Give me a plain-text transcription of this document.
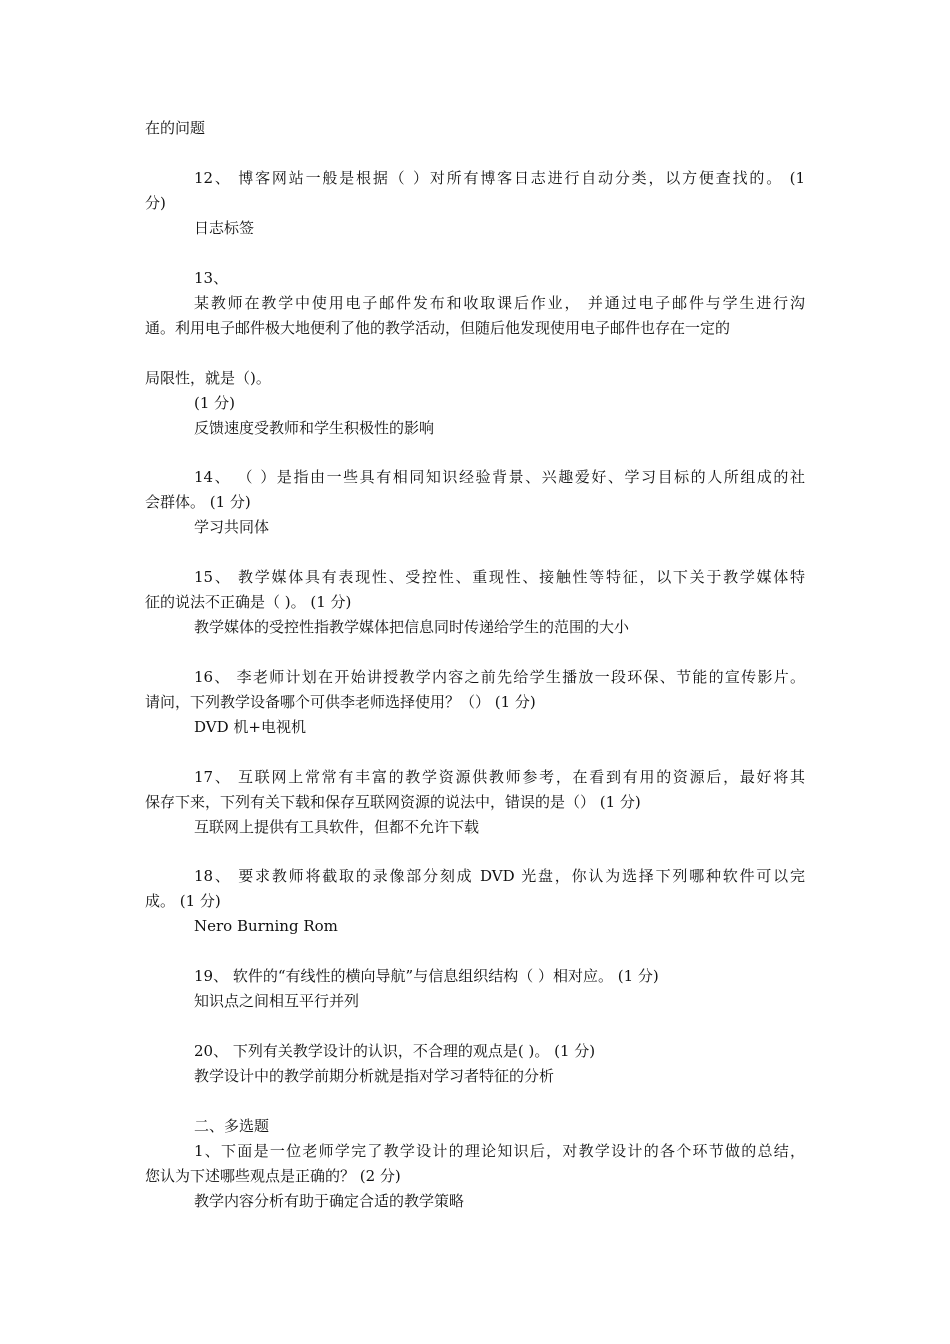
在的问题
12、 博客网站一般是根据（ ）对所有博客日志进行自动分类，以方便查找的。 (1
分)
日志标签
13、
某教师在教学中使用电子邮件发布和收取课后作业， 并通过电子邮件与学生进行沟
通。利用电子邮件极大地便利了他的教学活动，但随后他发现使用电子邮件也存在一定的
局限性，就是（)。
(1 分)
反馈速度受教师和学生积极性的影响
14、 （ ）是指由一些具有相同知识经验背景、兴趣爱好、学习目标的人所组成的社
会群体。 (1 分)
学习共同体
15、 教学媒体具有表现性、受控性、重现性、接触性等特征，以下关于教学媒体特
征的说法不正确是（ )。 (1 分)
教学媒体的受控性指教学媒体把信息同时传递给学生的范围的大小
16、 李老师计划在开始讲授教学内容之前先给学生播放一段环保、节能的宣传影片。
请问，下列教学设备哪个可供李老师选择使用？（） (1 分)
DVD 机+电视机
17、 互联网上常常有丰富的教学资源供教师参考，在看到有用的资源后，最好将其
保存下来，下列有关下载和保存互联网资源的说法中，错误的是（） (1 分)
互联网上提供有工具软件，但都不允许下载
18、 要求教师将截取的录像部分刻成 DVD 光盘，你认为选择下列哪种软件可以完
成。 (1 分)
Nero Burning Rom
19、 软件的“有线性的横向导航”与信息组织结构（ ）相对应。 (1 分)
知识点之间相互平行并列
20、 下列有关教学设计的认识，不合理的观点是( )。 (1 分)
教学设计中的教学前期分析就是指对学习者特征的分析
二、多选题
1、下面是一位老师学完了教学设计的理论知识后，对教学设计的各个环节做的总结，
您认为下述哪些观点是正确的？ (2 分)
教学内容分析有助于确定合适的教学策略
